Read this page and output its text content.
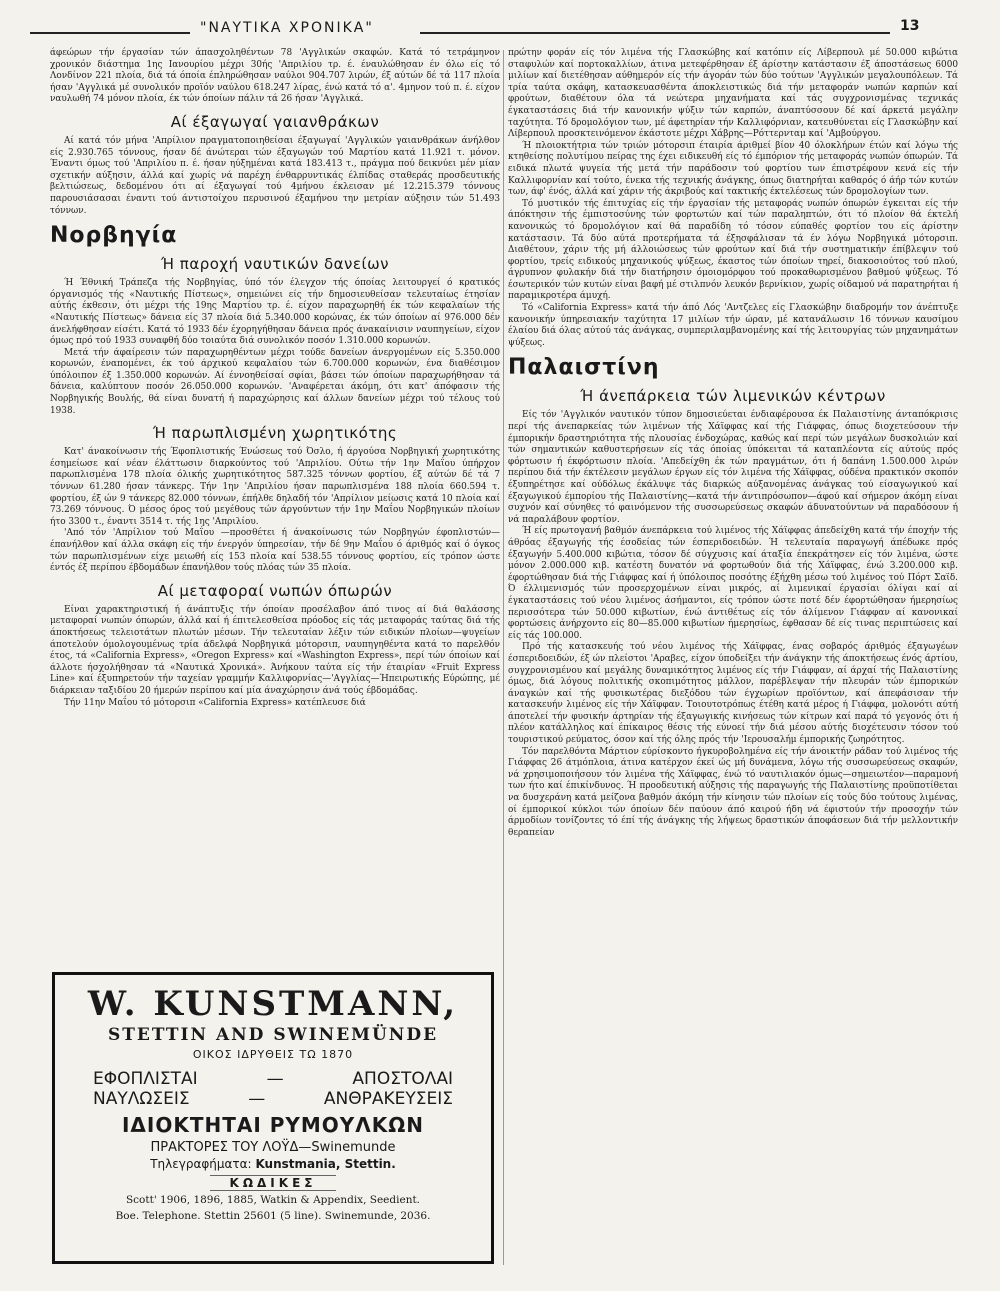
"ΝΑΥΤΙΚΑ ΧΡΟΝΙΚΑ"	13

άφεώρων τήν έργασίαν τών άπασχοληθέντων 78 'Αγγλικών σκαφών. Κατά τό τετράμηνον χρονικόν διάστημα 1ης Ιανουρίου μέχρι 30ής 'Απριλίου τρ. έ. έναυλώθησαν έν όλω είς τό Λονδίνον 221 πλοία, διά τά όποία έπληρώθησαν ναύλοι 904.707 λιρών, έξ αύτών δέ τά 117 πλοία ήσαν 'Αγγλικά μέ συνολικόν προϊόν ναύλου 618.247 λίρας, ένώ κατά τό α'. 4μηνον τού π. έ. είχον ναυλωθή 74 μόνον πλοία, έκ τών όποίων πάλιν τά 26 ήσαν 'Αγγλικά.

Αί έξαγωγαί γαιανθράκων

Αί κατά τόν μήνα 'Απρίλιον πραγματοποιηθείσαι έξαγωγαί 'Αγγλικών γαιανθράκων άνήλθον είς 2.930.765 τόννους, ήσαν δέ άνώτεραι τών έξαγωγών τού Μαρτίου κατά 11.921 τ. μόνον. Έναντι όμως τού 'Απριλίου π. έ. ήσαν ηύξημέναι κατά 183.413 τ., πράγμα πού δεικνύει μέν μίαν σχετικήν αύξησιν, άλλά καί χωρίς νά παρέχη ένθαρρυντικάς έλπίδας σταθεράς προσδευτικής βελτιώσεως, δεδομένου ότι αί έξαγωγαί τού 4μήνου έκλεισαν μέ 12.215.379 τόννους παρουσιάσασαι έναντι τού άντιστοίχου περυσινού έξαμήνου την μετρίαν αύξησιν τών 51.493 τόννων.

Νορβηγία
Ή παροχή ναυτικών δανείων

Ή Έθνική Τράπεζα τής Νορβηγίας, ύπό τόν έλεγχον τής όποίας λειτουργεί ό κρατικός όργανισμός τής «Ναυτικής Πίστεως», σημειώνει είς τήν δημοσιευθείσαν τελευταίως έτησίαν αύτής έκθεσιν, ότι μέχρι τής 19ης Μαρτίου τρ. έ. είχον παραχωρηθή έκ τών κεφαλαίων τής «Ναυτικής Πίστεως» δάνεια είς 37 πλοία διά 5.340.000 κορώνας, έκ τών όποίων αί 976.000 δέν άνελήφθησαν είσέτι. Κατά τό 1933 δέν έχορηγήθησαν δάνεια πρός άνακαίνισιν ναυπηγείων, είχον όμως πρό τού 1933 συναφθή δύο τοιαύτα διά συνολικόν ποσόν 1.310.000 κορωνών.

Μετά τήν άφαίρεσιν τών παραχωρηθέντων μέχρι τούδε δανείων άνεργομένων είς 5.350.000 κορωνών, έναπομένει, έκ τού άρχικού κεφαλαίου τών 6.700.000 κορωνών, ένα διαθέσιμον ύπόλοιπον έξ 1.350.000 κορωνών. Αί έννοηθείσαί σφίαι, βάσει τών όποίων παραχωρήθησαν τά δάνεια, καλύπτουν ποσόν 26.050.000 κορωνών. 'Αναφέρεται άκόμη, ότι κατ' άπόφασιν τής Νορβηγικής Βουλής, θά είναι δυνατή ή παραχώρησις καί άλλων δανείων μέχρι τού τέλους τού 1938.

Ή παρωπλισμένη χωρητικότης

Κατ' άνακοίνωσιν τής Έφοπλιστικής Ένώσεως τού Όσλο, ή άργούσα Νορβηγική χωρητικότης έσημείωσε καί νέαν έλάττωσιν διαρκούντος τού 'Απριλίου. Ούτω τήν 1ην Μαΐου ύπήρχον παρωπλισμένα 178 πλοία όλικής χωρητικότητος 587.325 τόννων φορτίου, έξ αύτών δέ τά 7 τόννων 61.280 ήσαν τάνκερς. Τήν 1ην 'Απριλίου ήσαν παρωπλισμένα 188 πλοία 660.594 τ. φορτίου, έξ ών 9 τάνκερς 82.000 τόννων, έπήλθε δηλαδή τόν 'Απρίλιον μείωσις κατά 10 πλοία καί 73.269 τόννους. Ό μέσος όρος τού μεγέθους τών άργούντων τήν 1ην Μαΐου Νορβηγικών πλοίων ήτο 3300 τ., έναντι 3514 τ. τής 1ης 'Απριλίου.

'Από τόν 'Απρίλιον τού Μαΐου —προσθέτει ή άνακοίνωσις τών Νορβηγών έφοπλιστών— έπανήλθον καί άλλα σκάφη είς τήν ένεργόν ύπηρεσίαν, τήν δέ 9ην Μαΐου ό άριθμός καί ό όγκος τών παρωπλισμένων είχε μειωθή είς 153 πλοία καί 538.55 τόννους φορτίου, είς τρόπον ώστε έντός έξ περίπου έβδομάδων έπανήλθον τούς πλόας τών 35 πλοία.

Αί μεταφοραί νωπών όπωρών

Είναι χαρακτηριστική ή άνάπτυξις τήν όποίαν προσέλαβον άπό τινος αί διά θαλάσσης μεταφοραί νωπών όπωρών, άλλά καί ή έπιτελεσθείσα πρόοδος είς τάς μεταφοράς ταύτας διά τής άποκτήσεως τελειοτάτων πλωτών μέσων. Τήν τελευταίαν λέξιν τών ειδικών πλοίων—ψυγείων άποτελούν όμολογουμένως τρία άδελφά Νορβηγικά μότορσιπ, ναυπηγηθέντα κατά το παρελθόν έτος, τά «California Express», «Oregon Express» καί «Washington Express», περί τών όποίων καί άλλοτε ήσχολήθησαν τά «Ναυτικά Χρονικά». Άνήκουν ταύτα είς τήν έταιρίαν «Fruit Express Line» καί έξυπηρετούν τήν ταχείαν γραμμήν Καλλιφορνίας—'Αγγλίας—Ήπειρωτικής Εύρώπης, μέ διάρκειαν ταξιδίου 20 ήμερών περίπου καί μία άναχώρησιν άνά τούς έβδομάδας.

Τήν 11ην Μαΐου τό μότορσιπ «California Express» κατέπλευσε διά

W. KUNSTMANN,
STETTIN AND SWINEMÜNDE
ΟΙΚΟΣ ΙΔΡΥΘΕΙΣ ΤΩ 1870
ΕΦΟΠΛΙΣΤΑΙ	—	ΑΠΟΣΤΟΛΑΙ
ΝΑΥΛΩΣΕΙΣ	—	ΑΝΘΡΑΚΕΥΣΕΙΣ
ΙΔΙΟΚΤΗΤΑΙ ΡΥΜΟΥΛΚΩΝ
ΠΡΑΚΤΟΡΕΣ ΤΟΥ ΛΟΫΔ—Swinemunde
Τηλεγραφήματα: Kunstmania, Stettin.
ΚΩΔΙΚΕΣ
Scott' 1906, 1896, 1885, Watkin & Appendix, Seedient.
Boe. Telephone. Stettin 25601 (5 line). Swinemunde, 2036.

πρώτην φοράν είς τόν λιμένα τής Γλασκώβης καί κατόπιν είς Λίβερπουλ μέ 50.000 κιβώτια σταφυλών καί πορτοκαλλίων, άτινα μετεφέρθησαν έξ άρίστην κατάστασιν έξ άποστάσεως 6000 μιλίων καί διετέθησαν αύθημερόν είς τήν άγοράν τών δύο τούτων 'Αγγλικών μεγαλουπόλεων. Τά τρία ταύτα σκάφη, κατασκευασθέντα άποκλειστικώς διά τήν μεταφοράν νωπών καρπών καί φρούτων, διαθέτουν όλα τά νεώτερα μηχανήματα καί τάς συγχρονισμένας τεχνικάς έγκαταστάσεις διά τήν κανονικήν ψύξιν τών καρπών, άναπτύσσουν δέ καί άρκετά μεγάλην ταχύτητα. Τό δρομολόγιον των, μέ άφετηρίαν τήν Καλλιφόρνιαν, κατευθύνεται είς Γλασκώβην καί Λίβερπουλ προσκτεινόμενον έκάστοτε μέχρι Χάβρης—Ρόττερνταμ καί 'Αμβούργου.

Ή πλοιοκτήτρια τών τριών μότορσιπ έταιρία άριθμεί βίον 40 όλοκλήρων έτών καί λόγω τής κτηθείσης πολυτίμου πείρας της έχει ειδικευθή είς τό έμπόριον τής μεταφοράς νωπών όπωρών. Τά ειδικά πλωτά ψυγεία τής μετά τήν παράδοσιν τού φορτίου των έπιστρέφουν κενά είς τήν Καλλιφορνίαν καί τούτο, ένεκα τής τεχνικής άνάγκης, όπως διατηρήται καθαρός ό άήρ τών κυτών των, άφ' ένός, άλλά καί χάριν τής άκριβούς καί τακτικής έκτελέσεως τών δρομολογίων των.

Τό μυστικόν τής έπιτυχίας είς τήν έργασίαν τής μεταφοράς νωπών όπωρών έγκειται είς τήν άπόκτησιν τής έμπιστοσύνης τών φορτωτών καί τών παραληπτών, ότι τό πλοίον θά έκτελή κανονικώς τό δρομολόγιον καί θά παραδίδη τό τόσον εύπαθές φορτίον του είς άρίστην κατάστασιν. Τά δύο αύτά προτερήματα τά έξησφάλισαν τά έν λόγω Νορβηγικά μότορσιπ. Διαθέτουν, χάριν τής μή άλλοιώσεως τών φρούτων καί διά τήν συστηματικήν έπίβλεψιν τού φορτίου, τρείς ειδικούς μηχανικούς ψύξεως, έκαστος τών όποίων τηρεί, διακοσιούτος τού πλού, άγρυπνον φυλακήν διά τήν διατήρησιν όμοιομόρφου τού προκαθωρισμένου βαθμού ψύξεως. Τό έσωτερικόν τών κυτών είναι βαφή μέ στιλπνόν λευκόν βερνίκιον, χωρίς οίδαμού νά παρατηρήται ή παραμικροτέρα άμυχή.

Τό «California Express» κατά τήν άπό Λός 'Αντζελες είς Γλασκώβην διαδρομήν τον άνέπτυξε κανονικήν ύπηρεσιακήν ταχύτητα 17 μιλίων τήν ώραν, μέ κατανάλωσιν 16 τόννων καυσίμου έλαίου διά όλας αύτού τάς άνάγκας, συμπεριλαμβανομένης καί τής λειτουργίας τών μηχανημάτων ψύξεως.

Παλαιστίνη
Ή άνεπάρκεια τών λιμενικών κέντρων

Είς τόν 'Αγγλικόν ναυτικόν τύπον δημοσιεύεται ένδιαφέρουσα έκ Παλαιστίνης άνταπόκρισις περί τής άνεπαρκείας τών λιμένων τής Χάϊφφας καί τής Γιάφφας, όπως διοχετεύσουν τήν έμπορικήν δραστηριότητα τής πλουσίας ένδοχώρας, καθώς καί περί τών μεγάλων δυσκολιών καί τών σημαντικών καθυστερήσεων είς τάς όποίας ύπόκειται τά καταπλέοντα είς αύτούς πρός φόρτωσιν ή έκφόρτωσιν πλοία. 'Απεδείχθη έκ τών πραγμάτων, ότι ή δαπάνη 1.500.000 λιρών περίπου διά τήν έκτέλεσιν μεγάλων έργων είς τόν λιμένα τής Χάϊφφας, ούδένα πρακτικόν σκοπόν έξυπηρέτησε καί ούδόλως έκάλυψε τάς διαρκώς αύξανομένας άνάγκας τού είσαγωγικού καί έξαγωγικού έμπορίου τής Παλαιστίνης—κατά τήν άντιπρόσωπον—άφού καί σήμερον άκόμη είναι συχνόν καί σύνηθες τό φαινόμενον τής συσσωρεύσεως σκαφών άδυνατούντων νά παραδόσουν ή νά παραλάβουν φορτίον.

Ή είς πρωτογανή βαθμόν άνεπάρκεια τού λιμένος τής Χάϊφφας άπεδείχθη κατά τήν έποχήν τής άθρόας έξαγωγής τής έσοδείας τών έσπεριδοειδών. Ή τελευταία παραγωγή άπέδωκε πρός έξαγωγήν 5.400.000 κιβώτια, τόσον δέ σύγχυσις καί άταξία έπεκράτησεν είς τόν λιμένα, ώστε μόνον 2.000.000 κιβ. κατέστη δυνατόν νά φορτωθούν διά τής Χάϊφφας, ένώ 3.200.000 κιβ. έφορτώθησαν διά τής Γιάφφας καί ή ύπόλοιπος ποσότης έξήχθη μέσω τού λιμένος τού Πόρτ Σαϊδ. Ό έλλιμενισμός τών προσερχομένων είναι μικρός, αί λιμενικαί έργασίαι όλίγαι καί αί έγκαταστάσεις τού νέου λιμένος άσήμαντοι, είς τρόπον ώστε ποτέ δέν έφορτώθησαν ήμερησίως περισσότερα τών 50.000 κιβωτίων, ένώ άντιθέτως είς τόν άλίμενον Γιάφφαν αί κανονικαί φορτώσεις άνήρχοντο είς 80—85.000 κιβωτίων ήμερησίως, έφθασαν δέ είς τινας περιπτώσεις καί είς τάς 100.000.

Πρό τής κατασκευής τού νέου λιμένος τής Χάϊφφας, ένας σοβαρός άριθμός έξαγωγέων έσπεριδοειδών, έξ ών πλείστοι 'Αραβες, είχον ύποδείξει τήν άνάγκην τής άποκτήσεως ένός άρτίου, συγχρονισμένου καί μεγάλης δυναμικότητος λιμένος είς τήν Γιάφφαν, αί άρχαί τής Παλαιστίνης όμως, διά λόγους πολιτικής σκοπιμότητος μάλλον, παρέβλεψαν τήν πλευράν τών έμπορικών άναγκών καί τής φυσικωτέρας διεξόδου τών έγχωρίων προϊόντων, καί άπεφάσισαν τήν κατασκευήν λιμένος είς τήν Χάϊφφαν. Τοιουτοτρόπως έτέθη κατά μέρος ή Γιάφφα, μολονότι αύτή άποτελεί τήν φυσικήν άρτηρίαν τής έξαγωγικής κινήσεως τών κίτρων καί παρά τό γεγονός ότι ή πλέον κατάλληλος καί έπίκαιρος θέσις τής εύνοεί τήν διά μέσου αύτής διοχέτευσιν τόσον τού τουριστικού ρεύματος, όσον καί τής όλης πρός τήν 'Ιερουσαλήμ έμπορικής ζωηρότητος.

Τόν παρελθόντα Μάρτιον εύρίσκοντο ήγκυροβολημένα είς τήν άνοικτήν ράδαν τού λιμένος τής Γιάφφας 26 άτμόπλοια, άτινα κατέρχον έκεί ώς μή δυνάμενα, λόγω τής συσσωρεύσεως σκαφών, νά χρησιμοποιήσουν τόν λιμένα τής Χάϊφφας, ένώ τό ναυτιλιακόν όμως—σημειωτέον—παραμονή των ήτο καί έπικίνδυνος. Ή προοδευτική αύξησις τής παραγωγής τής Παλαιστίνης προϋποτίθεται να δυσχεράνη κατά μείζονα βαθμόν άκόμη τήν κίνησιν τών πλοίων είς τούς δύο τούτους λιμένας, οί έμπορικοί κύκλοι τών όποίων δέν παύουν άπό καιρού ήδη νά έφιστούν τήν προσοχήν τών άρμοδίων τονίζοντες τό έπί τής άνάγκης τής λήψεως δραστικών άποφάσεων διά τήν μελλοντικήν θεραπείαν
